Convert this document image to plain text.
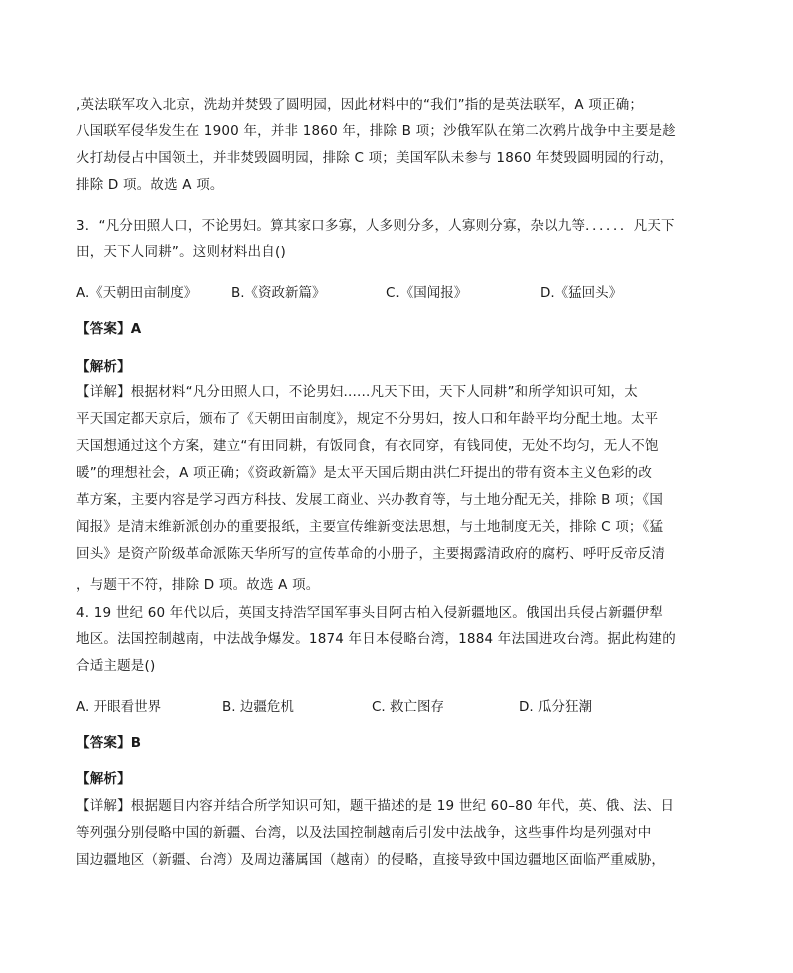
,英法联军攻入北京，洗劫并焚毁了圆明园，因此材料中的“我们”指的是英法联军，A 项正确；
八国联军侵华发生在 1900 年，并非 1860 年，排除 B 项；沙俄军队在第二次鸦片战争中主要是趁
火打劫侵占中国领土，并非焚毁圆明园，排除 C 项；美国军队未参与 1860 年焚毁圆明园的行动，
排除 D 项。故选 A 项。
3．“凡分田照人口，不论男妇。算其家口多寡，人多则分多，人寡则分寡，杂以九等．．．．．．凡天下
田，天下人同耕”。这则材料出自()
A.《天朝田亩制度》 B.《资政新篇》	C.《国闻报》	D.《猛回头》
【答案】A
【解析】
【详解】根据材料“凡分田照人口，不论男妇......凡天下田，天下人同耕”和所学知识可知，太
平天国定都天京后，颁布了《天朝田亩制度》，规定不分男妇，按人口和年龄平均分配土地。太平
天国想通过这个方案，建立“有田同耕，有饭同食，有衣同穿，有钱同使，无处不均匀，无人不饱
暖”的理想社会，A 项正确；《资政新篇》是太平天国后期由洪仁玕提出的带有资本主义色彩的改
革方案，主要内容是学习西方科技、发展工商业、兴办教育等，与土地分配无关，排除 B 项；《国
闻报》是清末维新派创办的重要报纸，主要宣传维新变法思想，与土地制度无关，排除 C 项；《猛
回头》是资产阶级革命派陈天华所写的宣传革命的小册子，主要揭露清政府的腐朽、呼吁反帝反清
，与题干不符，排除 D 项。故选 A 项。
4. 19 世纪 60 年代以后，英国支持浩罕国军事头目阿古柏入侵新疆地区。俄国出兵侵占新疆伊犁
地区。法国控制越南，中法战争爆发。1874 年日本侵略台湾，1884 年法国进攻台湾。据此构建的
合适主题是()
A. 开眼看世界	B. 边疆危机	C. 救亡图存	D. 瓜分狂潮
【答案】B
【解析】
【详解】根据题目内容并结合所学知识可知，题干描述的是 19 世纪 60–80 年代，英、俄、法、日
等列强分别侵略中国的新疆、台湾，以及法国控制越南后引发中法战争，这些事件均是列强对中
国边疆地区（新疆、台湾）及周边藩属国（越南）的侵略，直接导致中国边疆地区面临严重威胁，
